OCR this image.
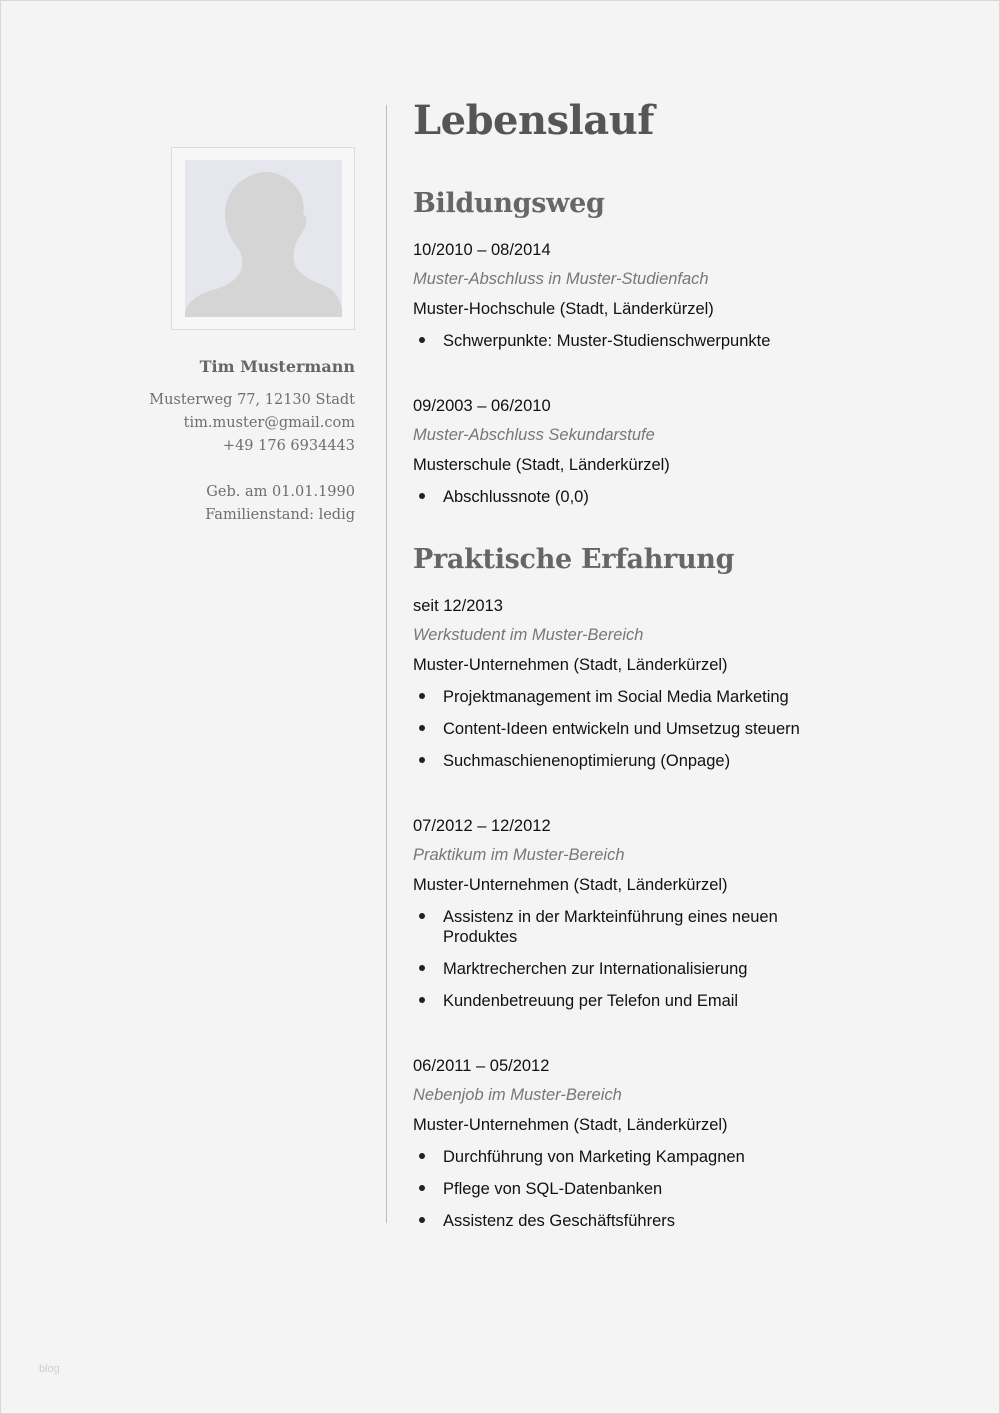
Tim Mustermann
Musterweg 77, 12130 Stadt
tim.muster@gmail.com
+49 176 6934443
Geb. am 01.01.1990
Familienstand: ledig
Lebenslauf
Bildungsweg
10/2010 – 08/2014
Muster-Abschluss in Muster-Studienfach
Muster-Hochschule (Stadt, Länderkürzel)
Schwerpunkte: Muster-Studienschwerpunkte
09/2003 – 06/2010
Muster-Abschluss Sekundarstufe
Musterschule (Stadt, Länderkürzel)
Abschlussnote (0,0)
Praktische Erfahrung
seit 12/2013
Werkstudent im Muster-Bereich
Muster-Unternehmen (Stadt, Länderkürzel)
Projektmanagement im Social Media Marketing
Content-Ideen entwickeln und Umsetzug steuern
Suchmaschienenoptimierung (Onpage)
07/2012 – 12/2012
Praktikum im Muster-Bereich
Muster-Unternehmen (Stadt, Länderkürzel)
Assistenz in der Markteinführung eines neuen Produktes
Marktrecherchen zur Internationalisierung
Kundenbetreuung per Telefon und Email
06/2011 – 05/2012
Nebenjob im Muster-Bereich
Muster-Unternehmen (Stadt, Länderkürzel)
Durchführung von Marketing Kampagnen
Pflege von SQL-Datenbanken
Assistenz des Geschäftsführers
blog
